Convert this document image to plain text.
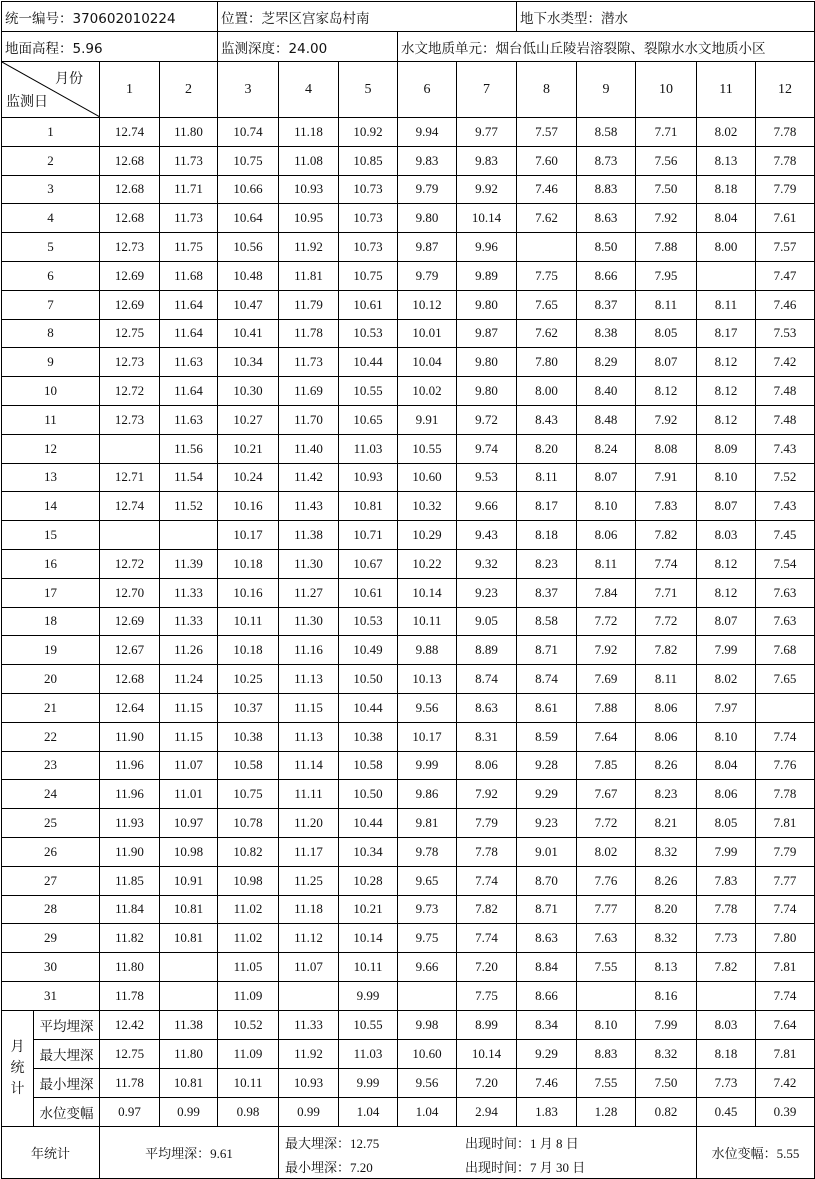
统一编号：370602010224				位置：芝罘区宫家岛村南					地下水类型：潜水				
地面高程：5.96				监测深度：24.00			水文地质单元：烟台低山丘陵岩溶裂隙、裂隙水水文地质小区						

月份
监测日		1	2	3	4	5	6	7	8	9	10	11	12
1		12.74	11.80	10.74	11.18	10.92	9.94	9.77	7.57	8.58	7.71	8.02	7.78
2		12.68	11.73	10.75	11.08	10.85	9.83	9.83	7.60	8.73	7.56	8.13	7.78
3		12.68	11.71	10.66	10.93	10.73	9.79	9.92	7.46	8.83	7.50	8.18	7.79
4		12.68	11.73	10.64	10.95	10.73	9.80	10.14	7.62	8.63	7.92	8.04	7.61
5		12.73	11.75	10.56	11.92	10.73	9.87	9.96		8.50	7.88	8.00	7.57
6		12.69	11.68	10.48	11.81	10.75	9.79	9.89	7.75	8.66	7.95		7.47
7		12.69	11.64	10.47	11.79	10.61	10.12	9.80	7.65	8.37	8.11	8.11	7.46
8		12.75	11.64	10.41	11.78	10.53	10.01	9.87	7.62	8.38	8.05	8.17	7.53
9		12.73	11.63	10.34	11.73	10.44	10.04	9.80	7.80	8.29	8.07	8.12	7.42
10		12.72	11.64	10.30	11.69	10.55	10.02	9.80	8.00	8.40	8.12	8.12	7.48
11		12.73	11.63	10.27	11.70	10.65	9.91	9.72	8.43	8.48	7.92	8.12	7.48
12			11.56	10.21	11.40	11.03	10.55	9.74	8.20	8.24	8.08	8.09	7.43
13		12.71	11.54	10.24	11.42	10.93	10.60	9.53	8.11	8.07	7.91	8.10	7.52
14		12.74	11.52	10.16	11.43	10.81	10.32	9.66	8.17	8.10	7.83	8.07	7.43
15				10.17	11.38	10.71	10.29	9.43	8.18	8.06	7.82	8.03	7.45
16		12.72	11.39	10.18	11.30	10.67	10.22	9.32	8.23	8.11	7.74	8.12	7.54
17		12.70	11.33	10.16	11.27	10.61	10.14	9.23	8.37	7.84	7.71	8.12	7.63
18		12.69	11.33	10.11	11.30	10.53	10.11	9.05	8.58	7.72	7.72	8.07	7.63
19		12.67	11.26	10.18	11.16	10.49	9.88	8.89	8.71	7.92	7.82	7.99	7.68
20		12.68	11.24	10.25	11.13	10.50	10.13	8.74	8.74	7.69	8.11	8.02	7.65
21		12.64	11.15	10.37	11.15	10.44	9.56	8.63	8.61	7.88	8.06	7.97	
22		11.90	11.15	10.38	11.13	10.38	10.17	8.31	8.59	7.64	8.06	8.10	7.74
23		11.96	11.07	10.58	11.14	10.58	9.99	8.06	9.28	7.85	8.26	8.04	7.76
24		11.96	11.01	10.75	11.11	10.50	9.86	7.92	9.29	7.67	8.23	8.06	7.78
25		11.93	10.97	10.78	11.20	10.44	9.81	7.79	9.23	7.72	8.21	8.05	7.81
26		11.90	10.98	10.82	11.17	10.34	9.78	7.78	9.01	8.02	8.32	7.99	7.79
27		11.85	10.91	10.98	11.25	10.28	9.65	7.74	8.70	7.76	8.26	7.83	7.77
28		11.84	10.81	11.02	11.18	10.21	9.73	7.82	8.71	7.77	8.20	7.78	7.74
29		11.82	10.81	11.02	11.12	10.14	9.75	7.74	8.63	7.63	8.32	7.73	7.80
30		11.80		11.05	11.07	10.11	9.66	7.20	8.84	7.55	8.13	7.82	7.81
31		11.78		11.09		9.99		7.75	8.66		8.16		7.74

月
统
计	平均埋深	12.42	11.38	10.52	11.33	10.55	9.98	8.99	8.34	8.10	7.99	8.03	7.64
	最大埋深	12.75	11.80	11.09	11.92	11.03	10.60	10.14	9.29	8.83	8.32	8.18	7.81
	最小埋深	11.78	10.81	10.11	10.93	9.99	9.56	7.20	7.46	7.55	7.50	7.73	7.42
	水位变幅	0.97	0.99	0.98	0.99	1.04	1.04	2.94	1.83	1.28	0.82	0.45	0.39
年统计		平均埋深：9.61			最大埋深：12.75 出现时间：1 月 8 日
最小埋深：7.20 出现时间：7 月 30 日							水位变幅：5.55	
